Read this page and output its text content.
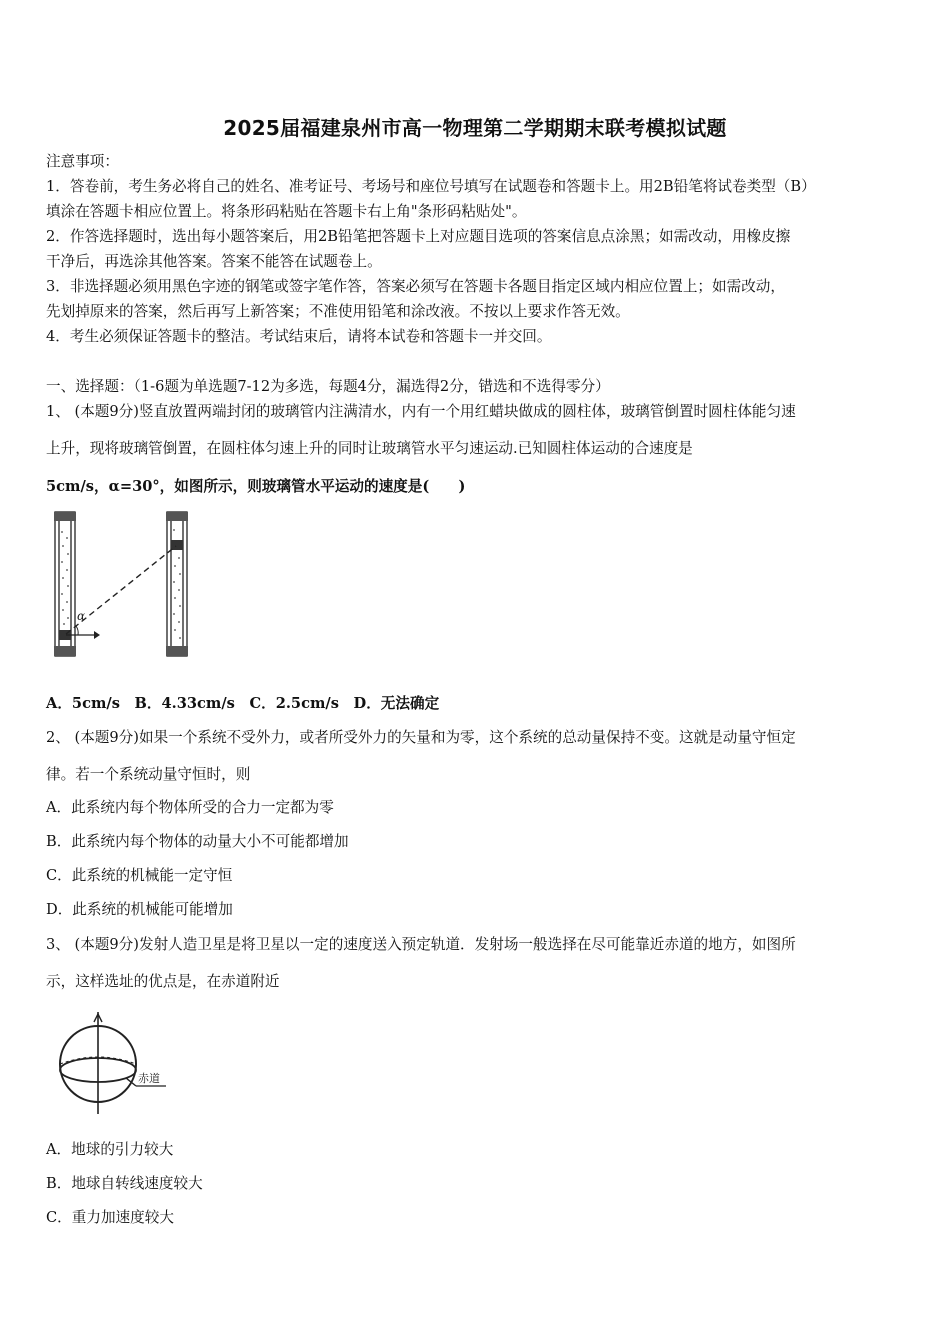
2025届福建泉州市高一物理第二学期期末联考模拟试题
注意事项：
1．答卷前，考生务必将自己的姓名、准考证号、考场号和座位号填写在试题卷和答题卡上。用2B铅笔将试卷类型（B）
填涂在答题卡相应位置上。将条形码粘贴在答题卡右上角"条形码粘贴处"。
2．作答选择题时，选出每小题答案后，用2B铅笔把答题卡上对应题目选项的答案信息点涂黑；如需改动，用橡皮擦
干净后，再选涂其他答案。答案不能答在试题卷上。
3．非选择题必须用黑色字迹的钢笔或签字笔作答，答案必须写在答题卡各题目指定区域内相应位置上；如需改动，
先划掉原来的答案，然后再写上新答案；不准使用铅笔和涂改液。不按以上要求作答无效。
4．考生必须保证答题卡的整洁。考试结束后，请将本试卷和答题卡一并交回。
一、选择题：（1-6题为单选题7-12为多选，每题4分，漏选得2分，错选和不选得零分）
1、 (本题9分)竖直放置两端封闭的玻璃管内注满清水，内有一个用红蜡块做成的圆柱体，玻璃管倒置时圆柱体能匀速
上升，现将玻璃管倒置，在圆柱体匀速上升的同时让玻璃管水平匀速运动.已知圆柱体运动的合速度是
5cm/s，α=30°，如图所示，则玻璃管水平运动的速度是(　　)
α
A．5cm/s　B．4.33cm/s　C．2.5cm/s　D．无法确定
2、 (本题9分)如果一个系统不受外力，或者所受外力的矢量和为零，这个系统的总动量保持不变。这就是动量守恒定
律。若一个系统动量守恒时，则
A．此系统内每个物体所受的合力一定都为零
B．此系统内每个物体的动量大小不可能都增加
C．此系统的机械能一定守恒
D．此系统的机械能可能增加
3、 (本题9分)发射人造卫星是将卫星以一定的速度送入预定轨道．发射场一般选择在尽可能靠近赤道的地方，如图所
示，这样选址的优点是，在赤道附近
赤道
A．地球的引力较大
B．地球自转线速度较大
C．重力加速度较大
